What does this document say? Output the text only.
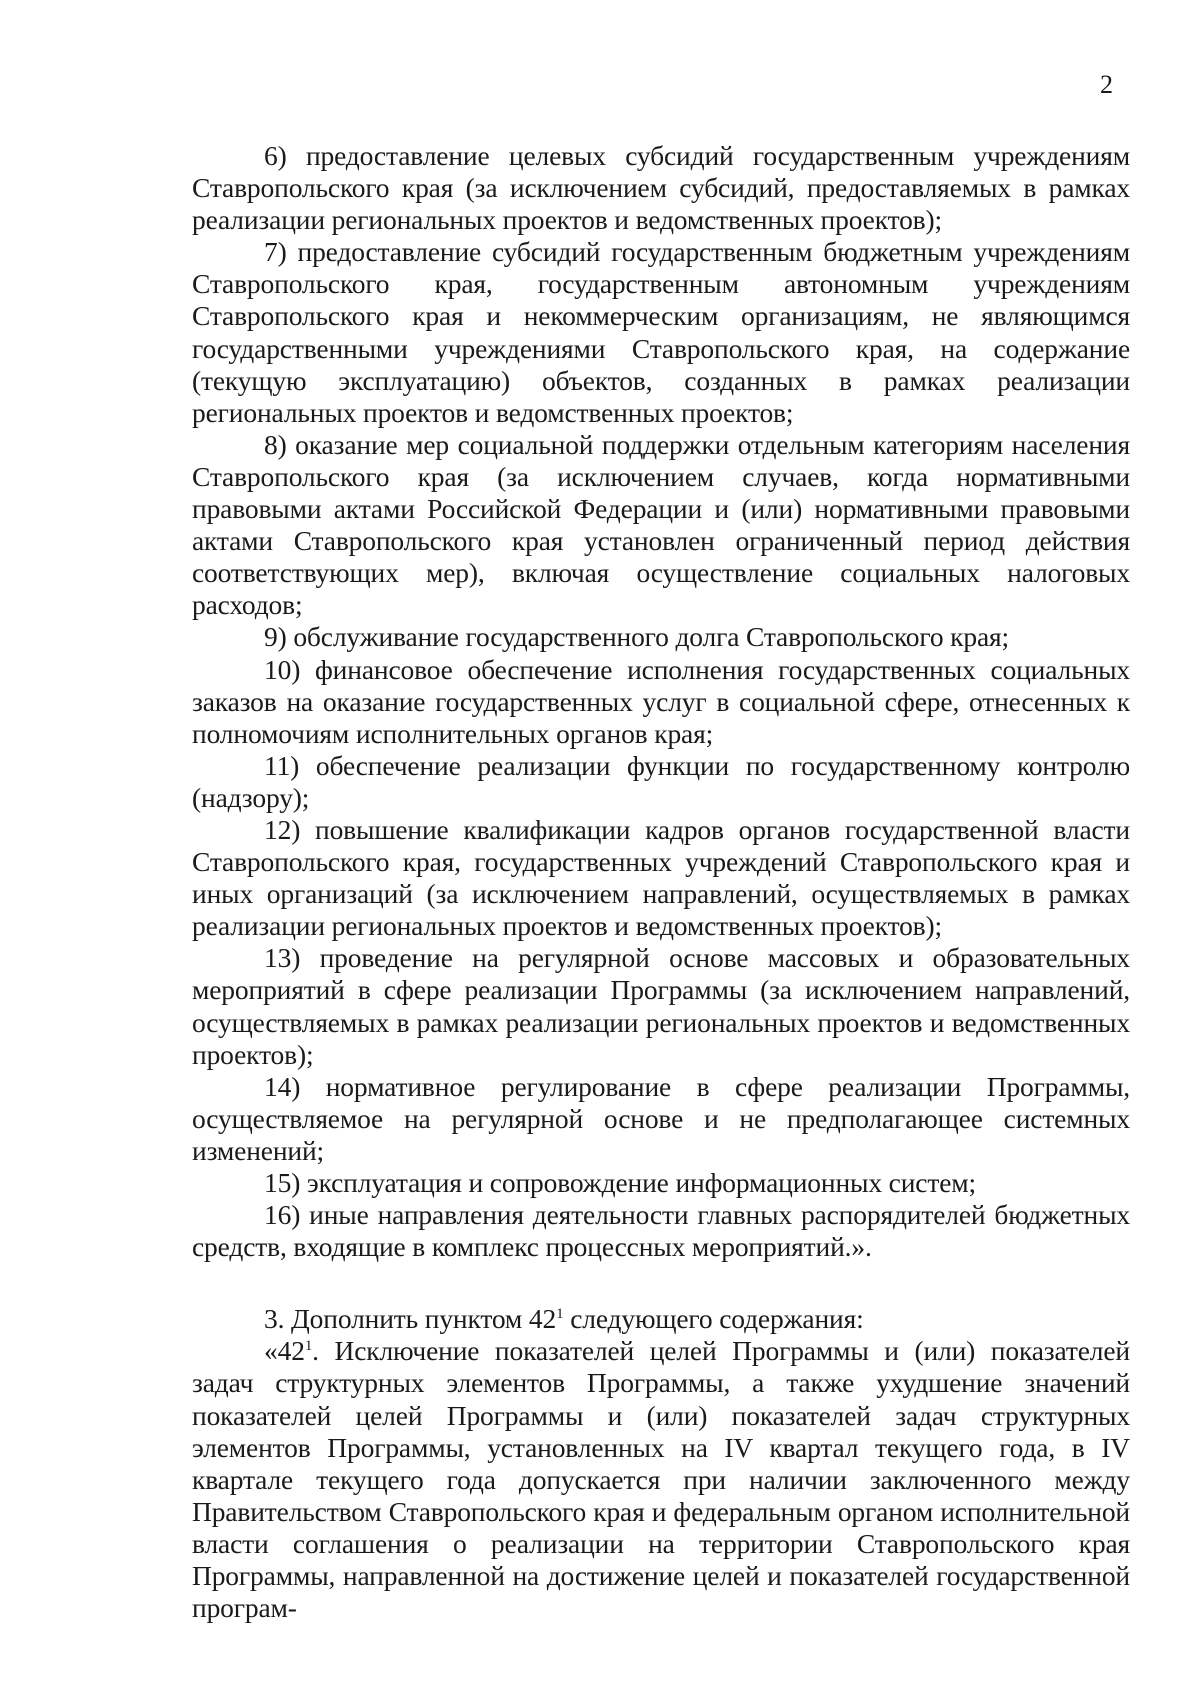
2

6) предоставление целевых субсидий государственным учреждениям Ставропольского края (за исключением субсидий, предоставляемых в рамках реализации региональных проектов и ведомственных проектов);

7) предоставление субсидий государственным бюджетным учреждениям Ставропольского края, государственным автономным учреждениям Ставропольского края и некоммерческим организациям, не являющимся государственными учреждениями Ставропольского края, на содержание (текущую эксплуатацию) объектов, созданных в рамках реализации региональных проектов и ведомственных проектов;

8) оказание мер социальной поддержки отдельным категориям населения Ставропольского края (за исключением случаев, когда нормативными правовыми актами Российской Федерации и (или) нормативными правовыми актами Ставропольского края установлен ограниченный период действия соответствующих мер), включая осуществление социальных налоговых расходов;

9) обслуживание государственного долга Ставропольского края;

10) финансовое обеспечение исполнения государственных социальных заказов на оказание государственных услуг в социальной сфере, отнесенных к полномочиям исполнительных органов края;

11) обеспечение реализации функции по государственному контролю (надзору);

12) повышение квалификации кадров органов государственной власти Ставропольского края, государственных учреждений Ставропольского края и иных организаций (за исключением направлений, осуществляемых в рамках реализации региональных проектов и ведомственных проектов);

13) проведение на регулярной основе массовых и образовательных мероприятий в сфере реализации Программы (за исключением направлений, осуществляемых в рамках реализации региональных проектов и ведомственных проектов);

14) нормативное регулирование в сфере реализации Программы, осуществляемое на регулярной основе и не предполагающее системных изменений;

15) эксплуатация и сопровождение информационных систем;

16) иные направления деятельности главных распорядителей бюджетных средств, входящие в комплекс процессных мероприятий.».

3. Дополнить пунктом $42^1$ следующего содержания:

«$42^1$. Исключение показателей целей Программы и (или) показателей задач структурных элементов Программы, а также ухудшение значений показателей целей Программы и (или) показателей задач структурных элементов Программы, установленных на IV квартал текущего года, в IV квартале текущего года допускается при наличии заключенного между Правительством Ставропольского края и федеральным органом исполнительной власти соглашения о реализации на территории Ставропольского края Программы, направленной на достижение целей и показателей государственной програм-
